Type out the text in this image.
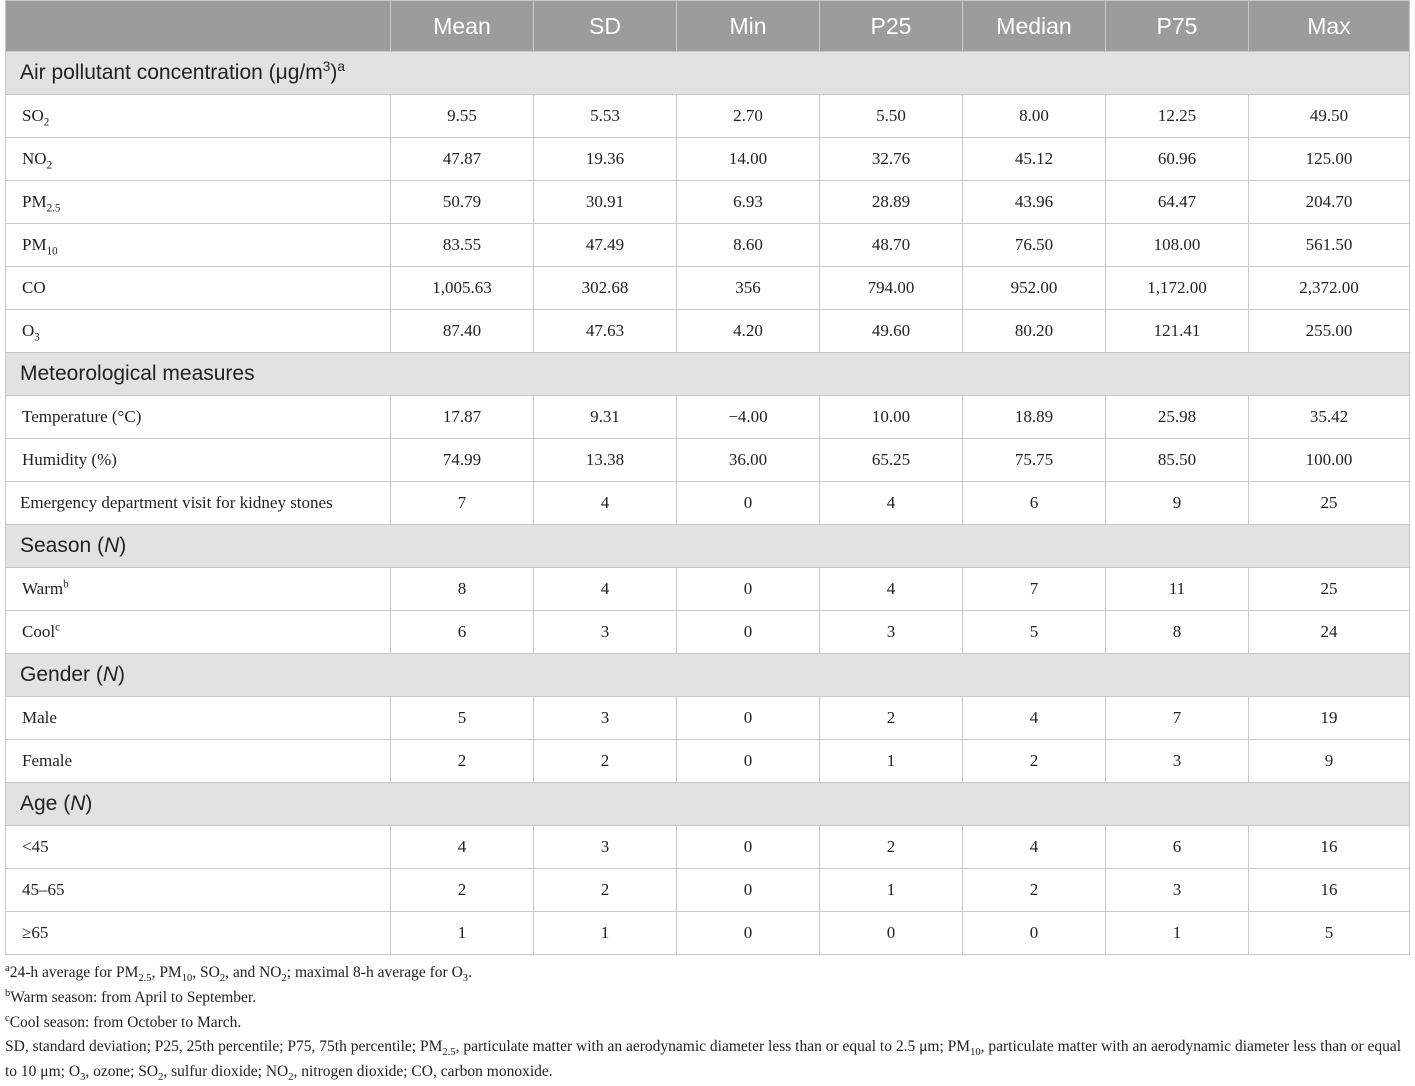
	Mean	SD	Min	P25	Median	P75	Max
Air pollutant concentration $(\mu g/m^3)^a$
$SO_2$	9.55	5.53	2.70	5.50	8.00	12.25	49.50
$NO_2$	47.87	19.36	14.00	32.76	45.12	60.96	125.00
$PM_{2.5}$	50.79	30.91	6.93	28.89	43.96	64.47	204.70
$PM_{10}$	83.55	47.49	8.60	48.70	76.50	108.00	561.50
CO	1,005.63	302.68	356	794.00	952.00	1,172.00	2,372.00
$O_3$	87.40	47.63	4.20	49.60	80.20	121.41	255.00
Meteorological measures							
Temperature (°C)	17.87	9.31	−4.00	10.00	18.89	25.98	35.42
Humidity (%)	74.99	13.38	36.00	65.25	75.75	85.50	100.00
Emergency department visit for kidney stones	7	4	0	4	6	9	25
Season (N)							
Warm$^b$	8	4	0	4	7	11	25
Cool$^c$	6	3	0	3	5	8	24
Gender (N)							
Male	5	3	0	2	4	7	19
Female	2	2	0	1	2	3	9
Age (N)							
<45	4	3	0	2	4	6	16
45–65	2	2	0	1	2	3	16
≥65	1	1	0	0	0	1	5

$^a$24-h average for $PM_{2.5}$, $PM_{10}$, $SO_2$, and $NO_2$; maximal 8-h average for $O_3$.

$^b$Warm season: from April to September.

$^c$Cool season: from October to March.

SD, standard deviation; P25, 25th percentile; P75, 75th percentile; $PM_{2.5}$, particulate matter with an aerodynamic diameter less than or equal to 2.5 μm; $PM_{10}$, particulate matter with an aerodynamic diameter less than or equal to 10 μm; $O_3$, ozone; $SO_2$, sulfur dioxide; $NO_2$, nitrogen dioxide; CO, carbon monoxide.
